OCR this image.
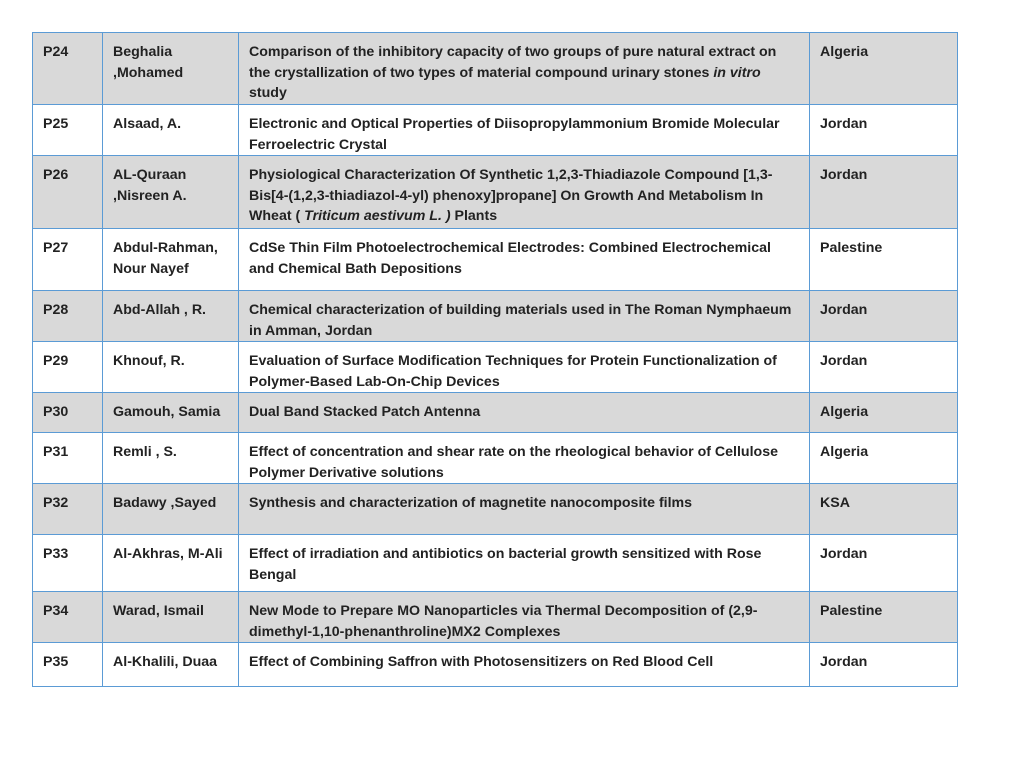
P24	Beghalia ,Mohamed	Comparison of the inhibitory capacity of two groups of pure natural extract on the crystallization of two types of material compound urinary stones in vitro study	Algeria
P25	Alsaad, A.	Electronic and Optical Properties of Diisopropylammonium Bromide Molecular Ferroelectric Crystal	Jordan
P26	AL-Quraan ,Nisreen A.	Physiological Characterization Of Synthetic 1,2,3-Thiadiazole Compound [1,3-Bis[4-(1,2,3-thiadiazol-4-yl) phenoxy]propane] On Growth And Metabolism In Wheat ( Triticum aestivum L. ) Plants	Jordan
P27	Abdul-Rahman, Nour Nayef	CdSe Thin Film Photoelectrochemical Electrodes: Combined Electrochemical and Chemical Bath Depositions	Palestine
P28	Abd-Allah , R.	Chemical characterization of building materials used in The Roman Nymphaeum in Amman, Jordan	Jordan
P29	Khnouf, R.	Evaluation of Surface Modification Techniques for Protein Functionalization of Polymer-Based Lab-On-Chip Devices	Jordan
P30	Gamouh, Samia	Dual Band Stacked Patch Antenna	Algeria
P31	Remli , S.	Effect of concentration and shear rate on the rheological behavior of Cellulose Polymer Derivative solutions	Algeria
P32	Badawy ,Sayed	Synthesis and characterization of magnetite nanocomposite films	KSA
P33	Al-Akhras, M-Ali	Effect of irradiation and antibiotics on bacterial growth sensitized with Rose Bengal	Jordan
P34	Warad, Ismail	New Mode to Prepare MO Nanoparticles via Thermal Decomposition of (2,9-dimethyl-1,10-phenanthroline)MX2 Complexes	Palestine
P35	Al-Khalili, Duaa	Effect of Combining Saffron with Photosensitizers on Red Blood Cell	Jordan
